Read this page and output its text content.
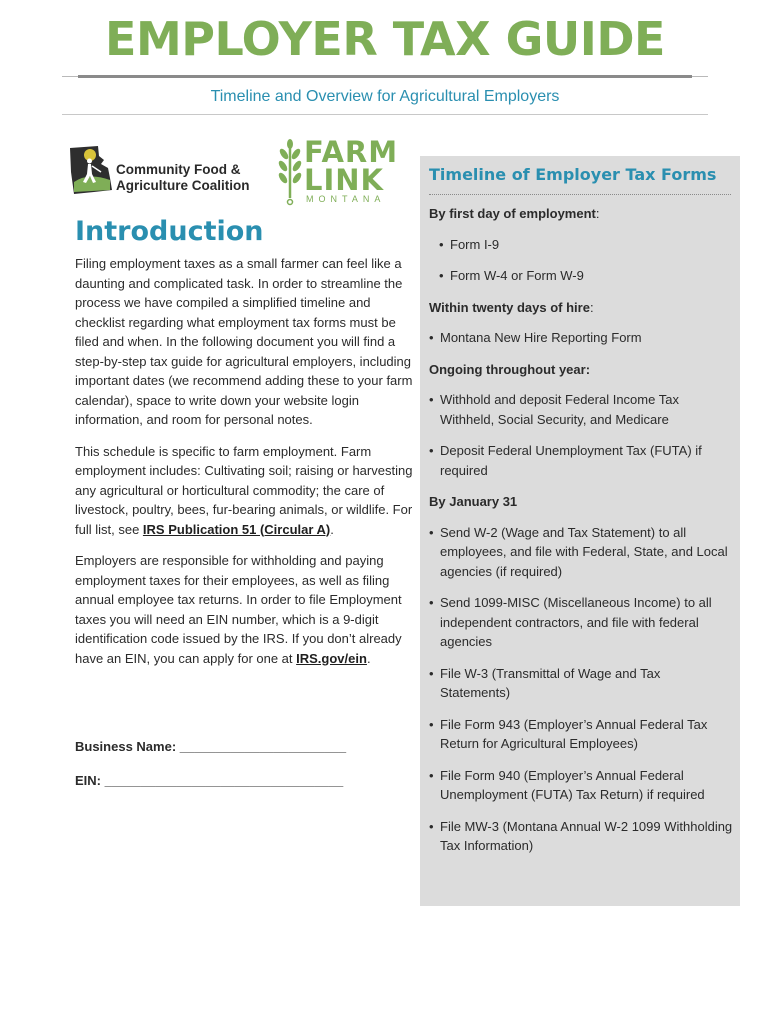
EMPLOYER TAX GUIDE
Timeline and Overview for Agricultural Employers
Community Food &
Agriculture Coalition
FARM
LINK
MONTANA
Introduction

Filing employment taxes as a small farmer can feel like a daunting and complicated task. In order to streamline the process we have compiled a simplified timeline and checklist regarding what employment tax forms must be filed and when. In the following document you will find a step-by-step tax guide for agricultural employers, including important dates (we recommend adding these to your farm calendar), space to write down your website login information, and room for personal notes.

This schedule is specific to farm employment. Farm employment includes: Cultivating soil; raising or harvesting any agricultural or horticultural commodity; the care of livestock, poultry, bees, fur-bearing animals, or wildlife. For full list, see IRS Publication 51 (Circular A).

Employers are responsible for withholding and paying employment taxes for their employees, as well as filing annual employee tax returns. In order to file Employment taxes you will need an EIN number, which is a 9-digit identification code issued by the IRS. If you don’t already have an EIN, you can apply for one at IRS.gov/ein.

Business Name: _______________________

EIN: _________________________________

Timeline of Employer Tax Forms

By first day of employment:

• Form I-9
• Form W-4 or Form W-9

Within twenty days of hire:

• Montana New Hire Reporting Form

Ongoing throughout year:

• Withhold and deposit Federal Income Tax Withheld, Social Security, and Medicare
• Deposit Federal Unemployment Tax (FUTA) if required

By January 31

• Send W-2 (Wage and Tax Statement) to all employees, and file with Federal, State, and Local agencies (if required)
• Send 1099-MISC (Miscellaneous Income) to all independent contractors, and file with federal agencies
• File W-3 (Transmittal of Wage and Tax Statements)
• File Form 943 (Employer’s Annual Federal Tax Return for Agricultural Employees)
• File Form 940 (Employer’s Annual Federal Unemployment (FUTA) Tax Return) if required
• File MW-3 (Montana Annual W-2 1099 Withholding Tax Information)
